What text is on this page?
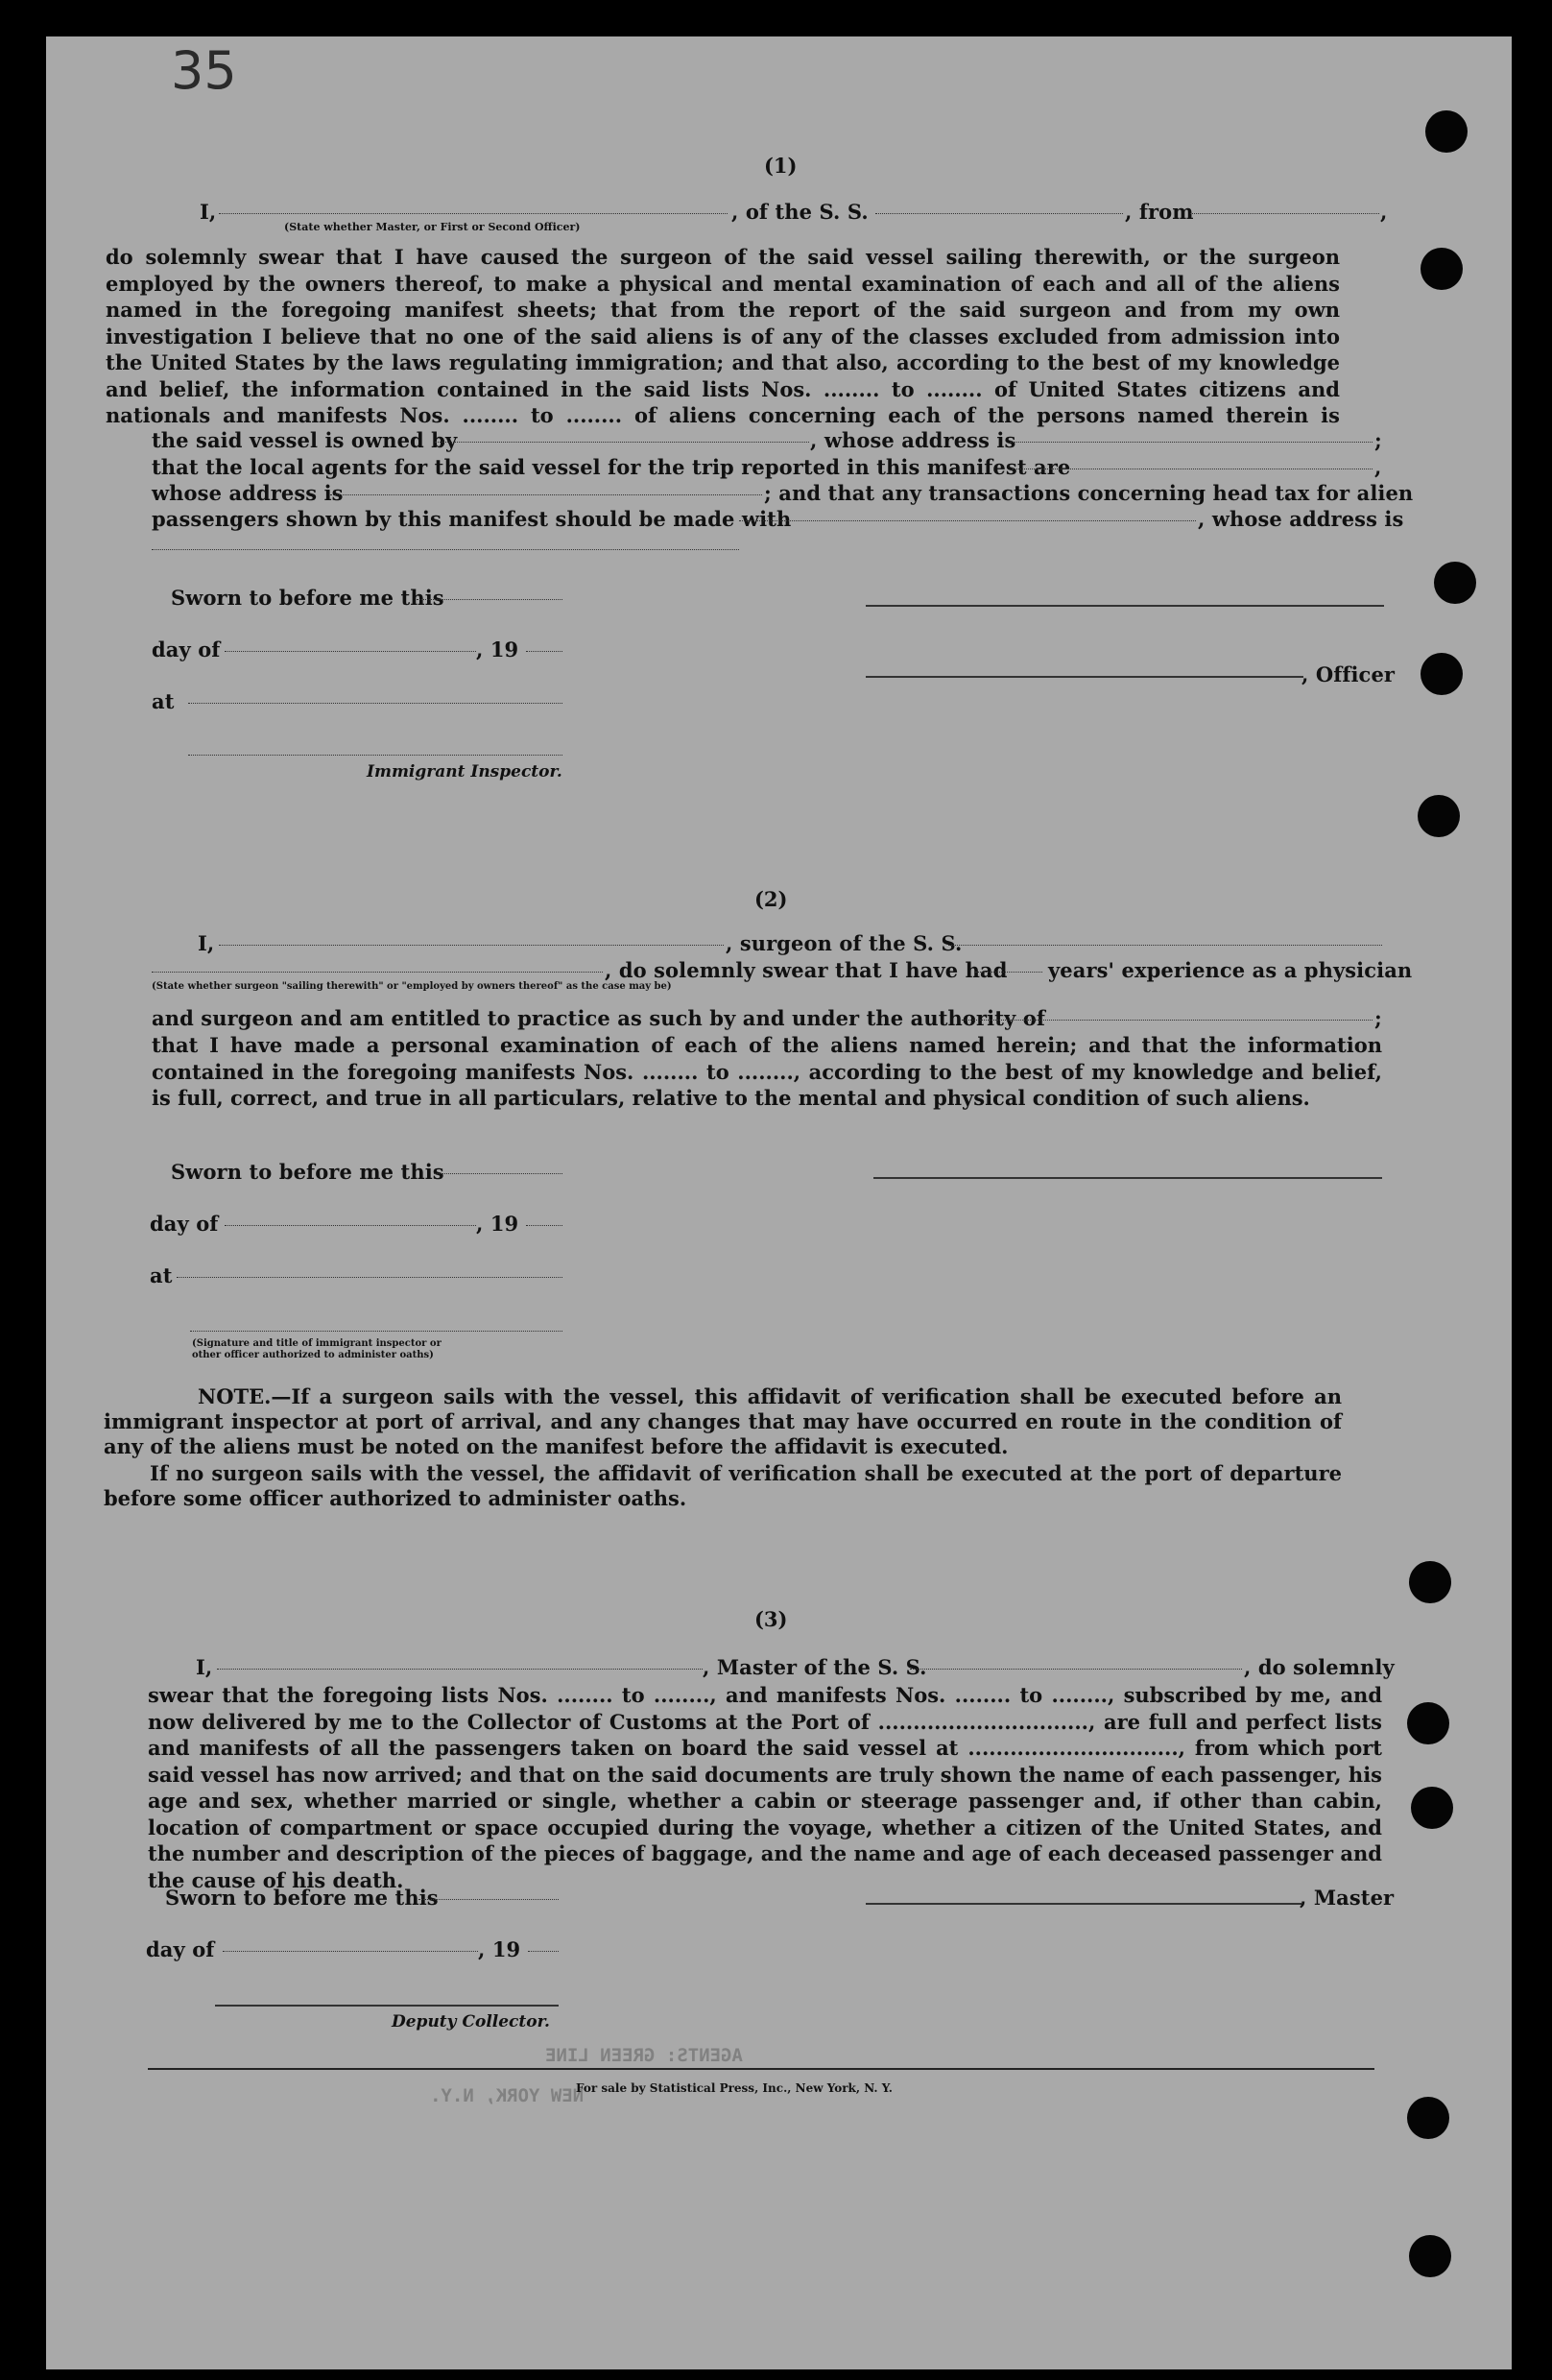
35
(1)
I,	, of the S. S.	, from	,
(State whether Master, or First or Second Officer)
do solemnly swear that I have caused the surgeon of the said vessel sailing therewith, or the surgeon employed by the owners thereof, to make a physical and mental examination of each and all of the aliens named in the foregoing manifest sheets; that from the report of the said surgeon and from my own investigation I believe that no one of the said aliens is of any of the classes excluded from admission into the United States by the laws regulating immigration; and that also, according to the best of my knowledge and belief, the information contained in the said lists Nos. ........ to ........ of United States citizens and nationals and manifests Nos. ........ to ........ of aliens concerning each of the persons named therein is
the said vessel is owned by	, whose address is	;
that the local agents for the said vessel for the trip reported in this manifest are	,
whose address is	; and that any transactions concerning head tax for alien
passengers shown by this manifest should be made with	, whose address is
Sworn to before me this
day of	, 19
, Officer
at
Immigrant Inspector.
(2)
I,	, surgeon of the S. S.
, do solemnly swear that I have had years' experience as a physician
(State whether surgeon "sailing therewith" or "employed by owners thereof" as the case may be)
and surgeon and am entitled to practice as such by and under the authority of	;
that I have made a personal examination of each of the aliens named herein; and that the information contained in the foregoing manifests Nos. ........ to ........, according to the best of my knowledge and belief, is full, correct, and true in all particulars, relative to the mental and physical condition of such aliens.
Sworn to before me this
day of	, 19
at
(Signature and title of immigrant inspector or
other officer authorized to administer oaths)
NOTE.—If a surgeon sails with the vessel, this affidavit of verification shall be executed before an immigrant inspector at port of arrival, and any changes that may have occurred en route in the condition of any of the aliens must be noted on the manifest before the affidavit is executed.
If no surgeon sails with the vessel, the affidavit of verification shall be executed at the port of departure before some officer authorized to administer oaths.
(3)
I,	, Master of the S. S.	, do solemnly
swear that the foregoing lists Nos. ........ to ........, and manifests Nos. ........ to ........, subscribed by me, and now delivered by me to the Collector of Customs at the Port of .............................., are full and perfect lists and manifests of all the passengers taken on board the said vessel at .............................., from which port said vessel has now arrived; and that on the said documents are truly shown the name of each passenger, his age and sex, whether married or single, whether a cabin or steerage passenger and, if other than cabin, location of compartment or space occupied during the voyage, whether a citizen of the United States, and the number and description of the pieces of baggage, and the name and age of each deceased passenger and the cause of his death.
Sworn to before me this	, Master
day of	, 19
Deputy Collector.
AGENTS: GREEN LINE
NEW YORK, N.Y.
For sale by Statistical Press, Inc., New York, N. Y.
